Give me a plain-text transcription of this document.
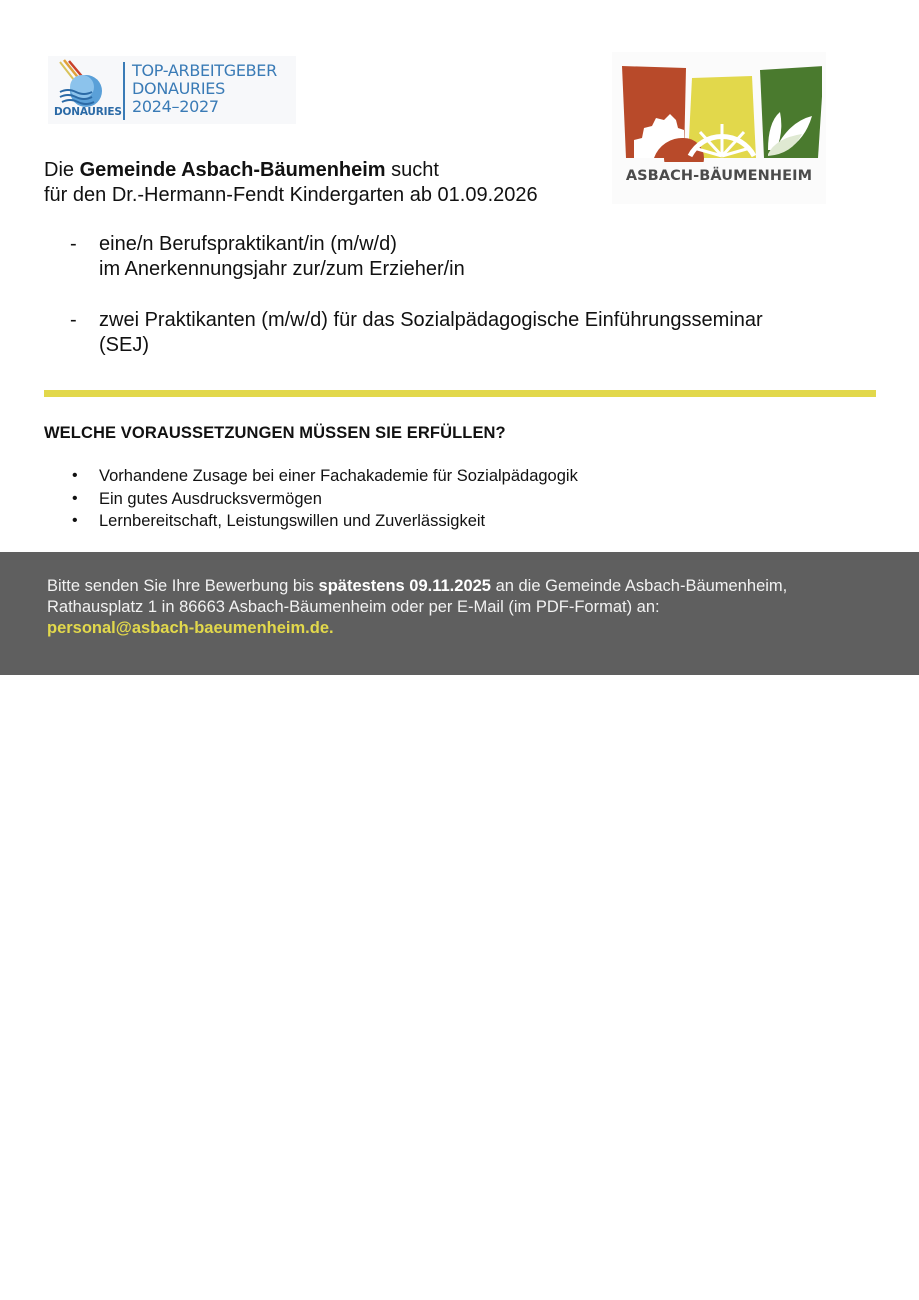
DONAURIES
TOP-ARBEITGEBER
DONAURIES
2024–2027
ASBACH-BÄUMENHEIM
Die Gemeinde Asbach-Bäumenheim sucht
für den Dr.-Hermann-Fendt Kindergarten ab 01.09.2026
- eine/n Berufspraktikant/in (m/w/d)
im Anerkennungsjahr zur/zum Erzieher/in
- zwei Praktikanten (m/w/d) für das Sozialpädagogische Einführungsseminar
(SEJ)
WELCHE VORAUSSETZUNGEN MÜSSEN SIE ERFÜLLEN?
• Vorhandene Zusage bei einer Fachakademie für Sozialpädagogik
• Ein gutes Ausdrucksvermögen
• Lernbereitschaft, Leistungswillen und Zuverlässigkeit
Bitte senden Sie Ihre Bewerbung bis spätestens 09.11.2025 an die Gemeinde Asbach-Bäumenheim, Rathausplatz 1 in 86663 Asbach-Bäumenheim oder per E-Mail (im PDF-Format) an:
personal@asbach-baeumenheim.de.
